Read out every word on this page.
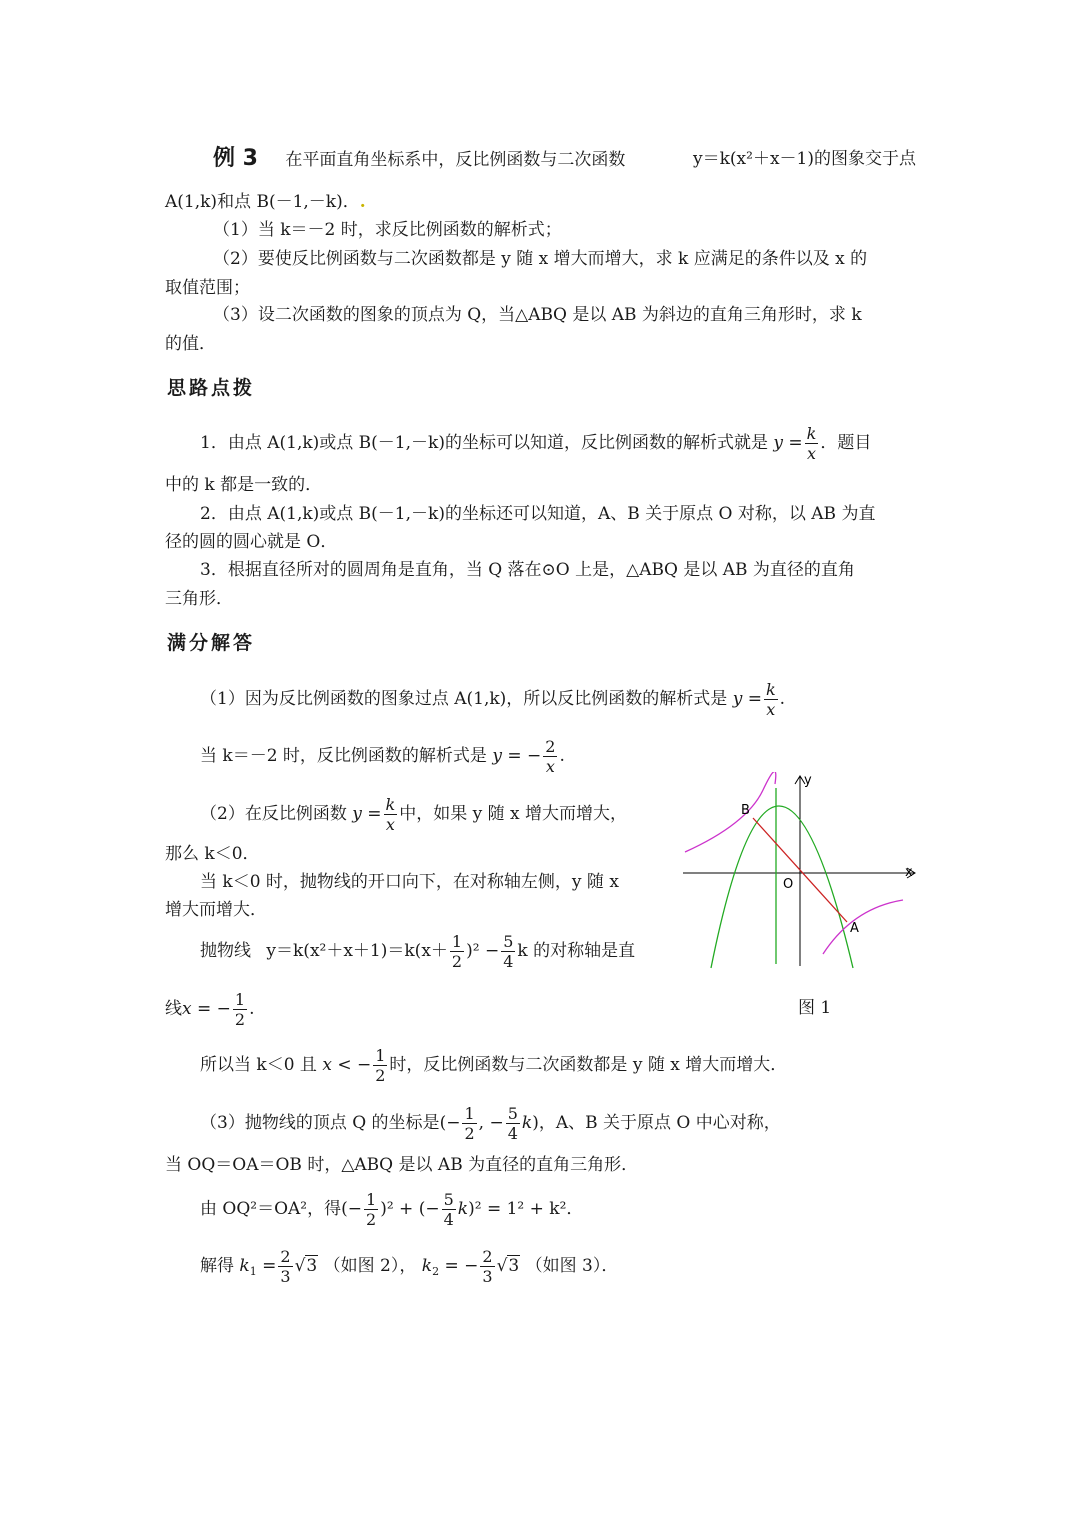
例 3 在平面直角坐标系中，反比例函数与二次函数	y＝k(x²＋x－1)的图象交于点
A(1,k)和点 B(－1,－k)．.
（1）当 k＝－2 时，求反比例函数的解析式；
（2）要使反比例函数与二次函数都是 y 随 x 增大而增大，求 k 应满足的条件以及 x 的
取值范围；
（3）设二次函数的图象的顶点为 Q，当△ABQ 是以 AB 为斜边的直角三角形时，求 k
的值．
思路点拨
1．由点 A(1,k)或点 B(－1,－k)的坐标可以知道，反比例函数的解析式就是 $y = \frac{k}{x}$ ．题目
中的 k 都是一致的．
2．由点 A(1,k)或点 B(－1,－k)的坐标还可以知道，A、B 关于原点 O 对称，以 AB 为直
径的圆的圆心就是 O．
3．根据直径所对的圆周角是直角，当 Q 落在⊙O 上是，△ABQ 是以 AB 为直径的直角
三角形．
满分解答
（1）因为反比例函数的图象过点 A(1,k)，所以反比例函数的解析式是 $y = \frac{k}{x}$ .
当 k＝－2 时，反比例函数的解析式是 y = − $\frac{2}{x}$ .
（2）在反比例函数 $y = \frac{k}{x}$ 中，如果 y 随 x 增大而增大，
那么 k＜0．
当 k＜0 时，抛物线的开口向下，在对称轴左侧，y 随 x
增大而增大．
抛物线 $y=k(x^2+x+1)=k(x+ \frac{1}{2} )^2 - \frac{5}{4}$ k 的对称轴是直
线x = − $\frac{1}{2}$ .
所以当 k＜0 且 x < − $\frac{1}{2}$ 时，反比例函数与二次函数都是 y 随 x 增大而增大．
（3）抛物线的顶点 Q 的坐标是(− $\frac{1}{2}$ , − $\frac{5}{4} k$)，A、B 关于原点 O 中心对称，
当 OQ＝OA＝OB 时，△ABQ 是以 AB 为直径的直角三角形．
由 OQ²＝OA²，得(− $\frac{1}{2} )^2$ + (− $\frac{5}{4} k)^2 = 1^2 + k^2$．
解得 $k_1 = \frac{2}{3} √3$ （如图 2）， $k_2$ = − $\frac{2}{3} √3$ （如图 3）．
x
y
O
B
A
图 1
